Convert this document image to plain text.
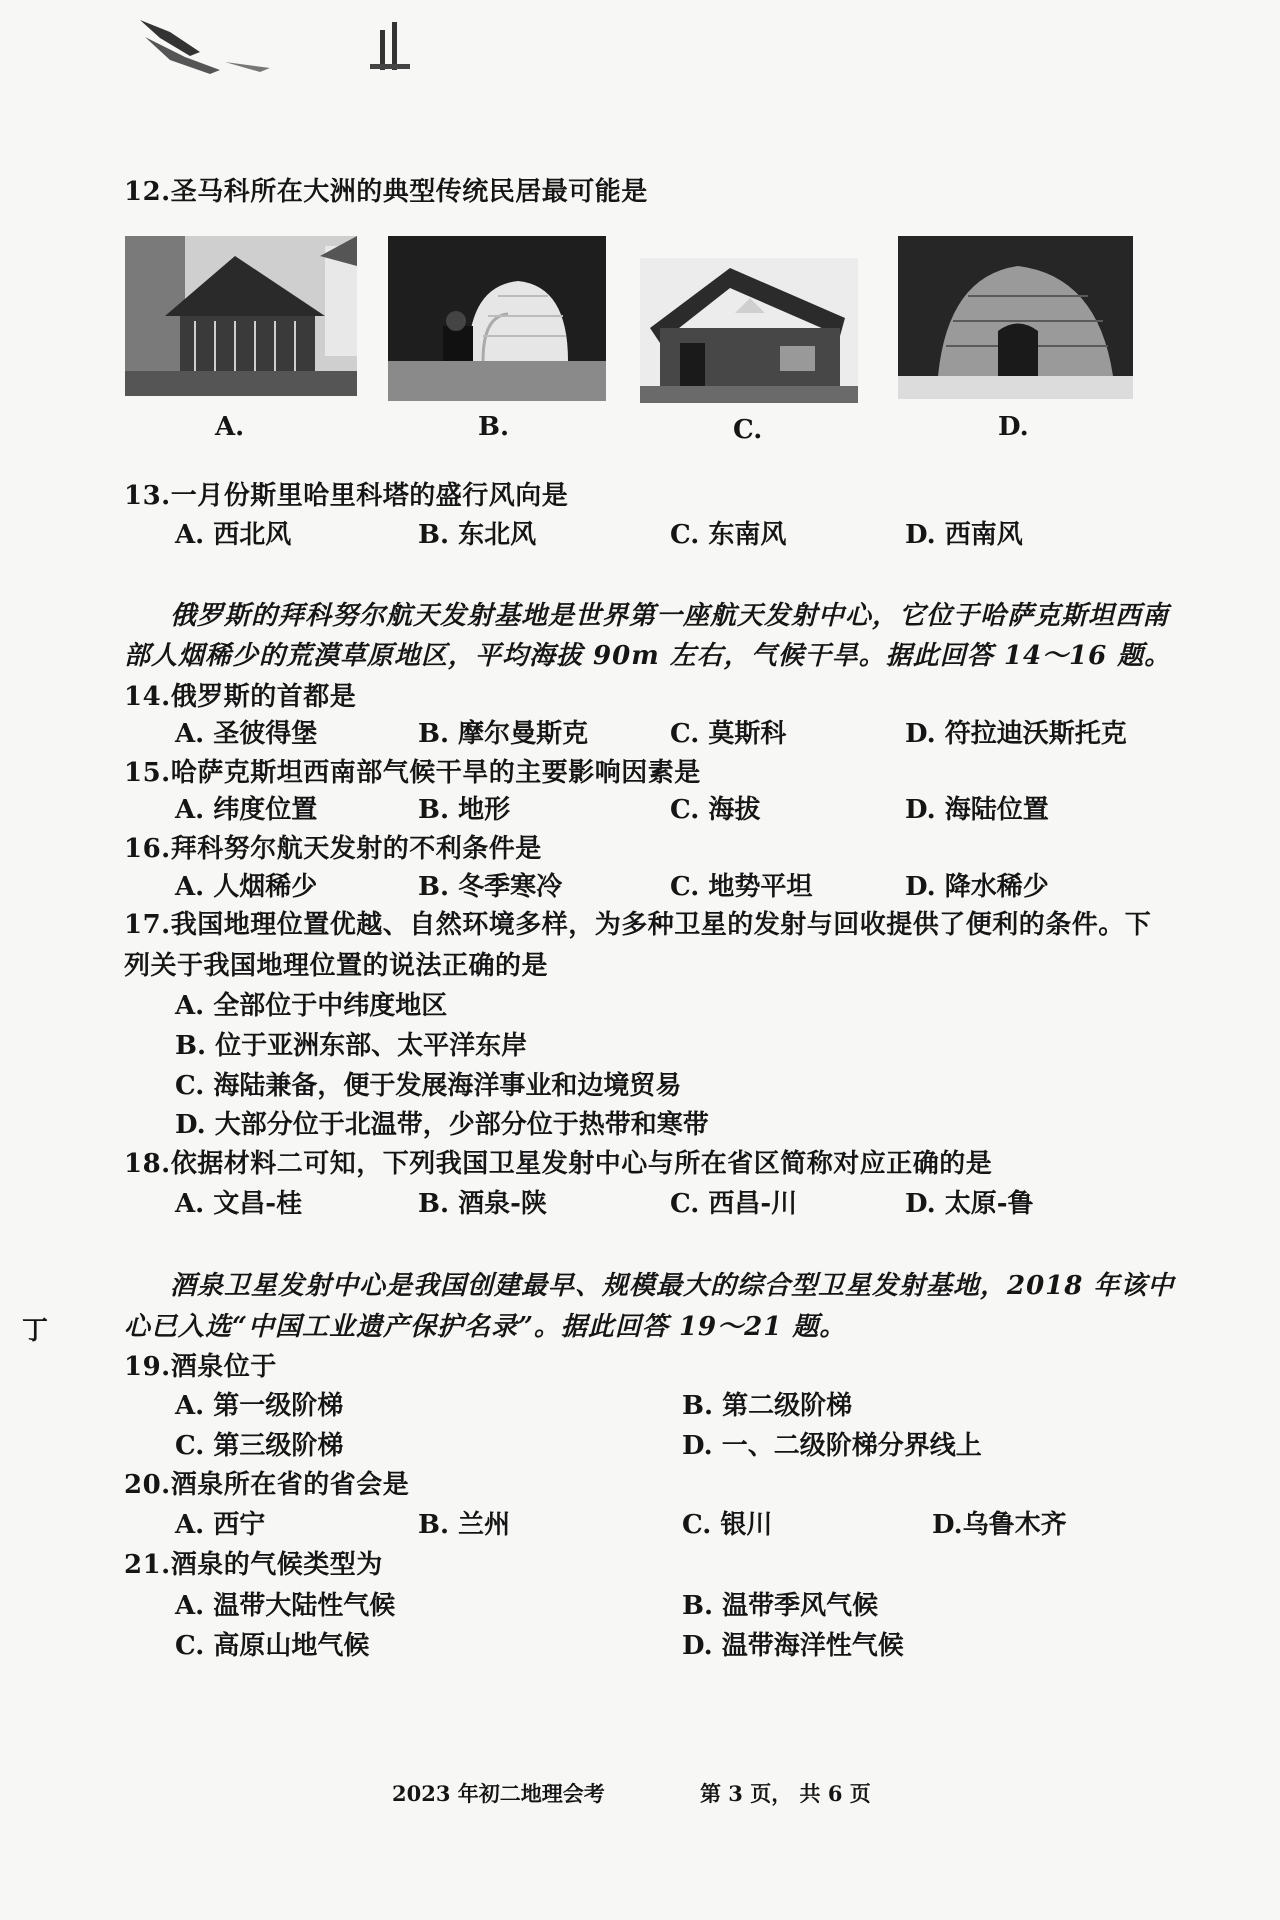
12.圣马科所在大洲的典型传统民居最可能是
A.	B.	C.	D.
13.一月份斯里哈里科塔的盛行风向是
A. 西北风	B. 东北风	C. 东南风	D. 西南风
俄罗斯的拜科努尔航天发射基地是世界第一座航天发射中心，它位于哈萨克斯坦西南
部人烟稀少的荒漠草原地区，平均海拔 90m 左右，气候干旱。据此回答 14～16 题。
14.俄罗斯的首都是
A. 圣彼得堡	B. 摩尔曼斯克	C. 莫斯科	D. 符拉迪沃斯托克
15.哈萨克斯坦西南部气候干旱的主要影响因素是
A. 纬度位置	B. 地形	C. 海拔	D. 海陆位置
16.拜科努尔航天发射的不利条件是
A. 人烟稀少	B. 冬季寒冷	C. 地势平坦	D. 降水稀少
17.我国地理位置优越、自然环境多样，为多种卫星的发射与回收提供了便利的条件。下
列关于我国地理位置的说法正确的是
A. 全部位于中纬度地区
B. 位于亚洲东部、太平洋东岸
C. 海陆兼备，便于发展海洋事业和边境贸易
D. 大部分位于北温带，少部分位于热带和寒带
18.依据材料二可知，下列我国卫星发射中心与所在省区简称对应正确的是
A. 文昌-桂	B. 酒泉-陕	C. 西昌-川	D. 太原-鲁
酒泉卫星发射中心是我国创建最早、规模最大的综合型卫星发射基地，2018 年该中
心已入选“中国工业遗产保护名录”。据此回答 19～21 题。
丁
19.酒泉位于
A. 第一级阶梯	B. 第二级阶梯
C. 第三级阶梯	D. 一、二级阶梯分界线上
20.酒泉所在省的省会是
A. 西宁	B. 兰州	C. 银川	D.乌鲁木齐
21.酒泉的气候类型为
A. 温带大陆性气候	B. 温带季风气候
C. 高原山地气候	D. 温带海洋性气候
2023 年初二地理会考	第 3 页， 共 6 页
